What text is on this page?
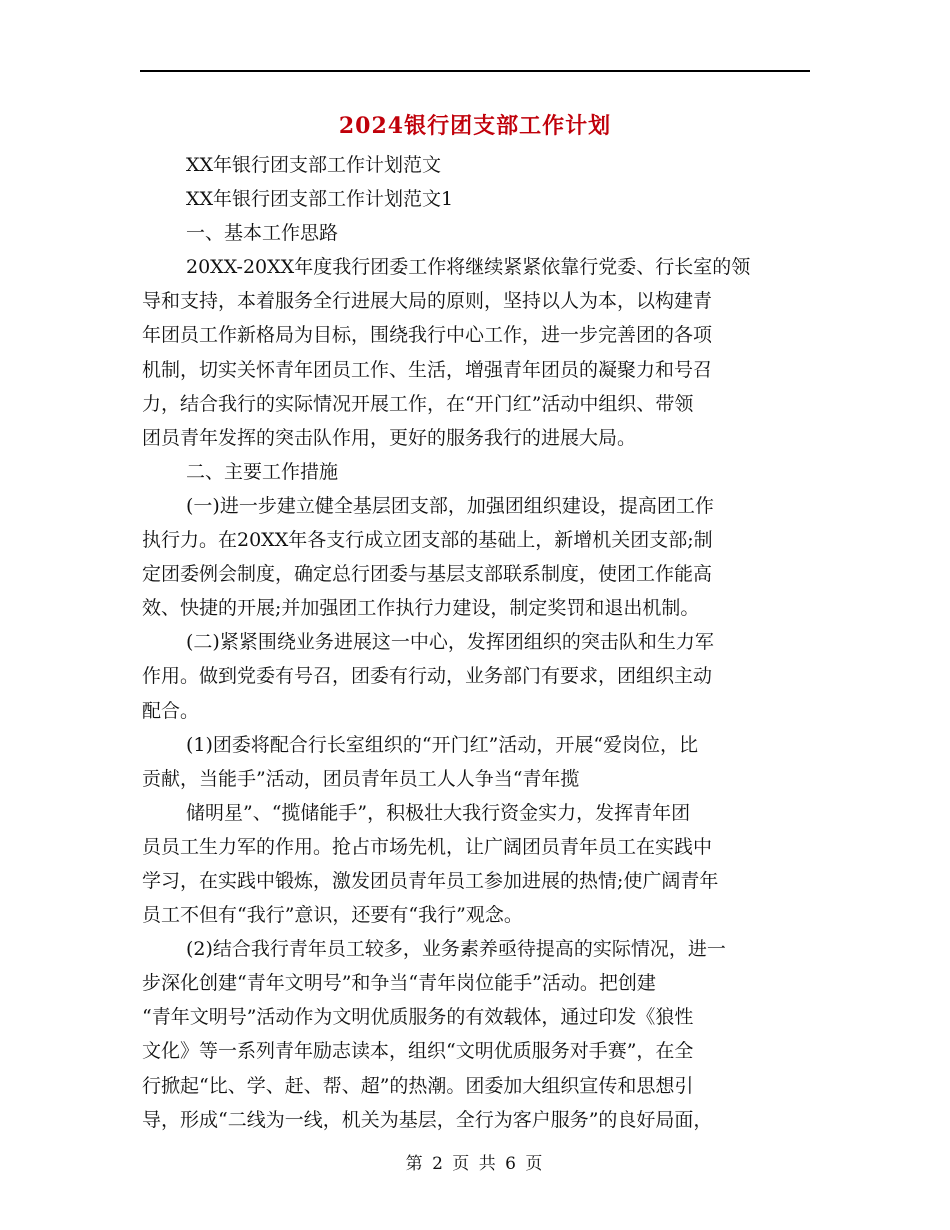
2024银行团支部工作计划
XX年银行团支部工作计划范文
XX年银行团支部工作计划范文1
一、基本工作思路
20XX-20XX年度我行团委工作将继续紧紧依靠行党委、行长室的领
导和支持，本着服务全行进展大局的原则，坚持以人为本，以构建青
年团员工作新格局为目标，围绕我行中心工作，进一步完善团的各项
机制，切实关怀青年团员工作、生活，增强青年团员的凝聚力和号召
力，结合我行的实际情况开展工作，在“开门红”活动中组织、带领
团员青年发挥的突击队作用，更好的服务我行的进展大局。
二、主要工作措施
(一)进一步建立健全基层团支部，加强团组织建设，提高团工作
执行力。在20XX年各支行成立团支部的基础上，新增机关团支部;制
定团委例会制度，确定总行团委与基层支部联系制度，使团工作能高
效、快捷的开展;并加强团工作执行力建设，制定奖罚和退出机制。
(二)紧紧围绕业务进展这一中心，发挥团组织的突击队和生力军
作用。做到党委有号召，团委有行动，业务部门有要求，团组织主动
配合。
(1)团委将配合行长室组织的“开门红”活动，开展“爱岗位，比
贡献，当能手”活动，团员青年员工人人争当“青年揽
储明星”、“揽储能手”，积极壮大我行资金实力，发挥青年团
员员工生力军的作用。抢占市场先机，让广阔团员青年员工在实践中
学习，在实践中锻炼，激发团员青年员工参加进展的热情;使广阔青年
员工不但有“我行”意识，还要有“我行”观念。
(2)结合我行青年员工较多，业务素养亟待提高的实际情况，进一
步深化创建“青年文明号”和争当“青年岗位能手”活动。把创建
“青年文明号”活动作为文明优质服务的有效载体，通过印发《狼性
文化》等一系列青年励志读本，组织“文明优质服务对手赛”，在全
行掀起“比、学、赶、帮、超”的热潮。团委加大组织宣传和思想引
导，形成“二线为一线，机关为基层，全行为客户服务”的良好局面，
第 2 页 共 6 页
